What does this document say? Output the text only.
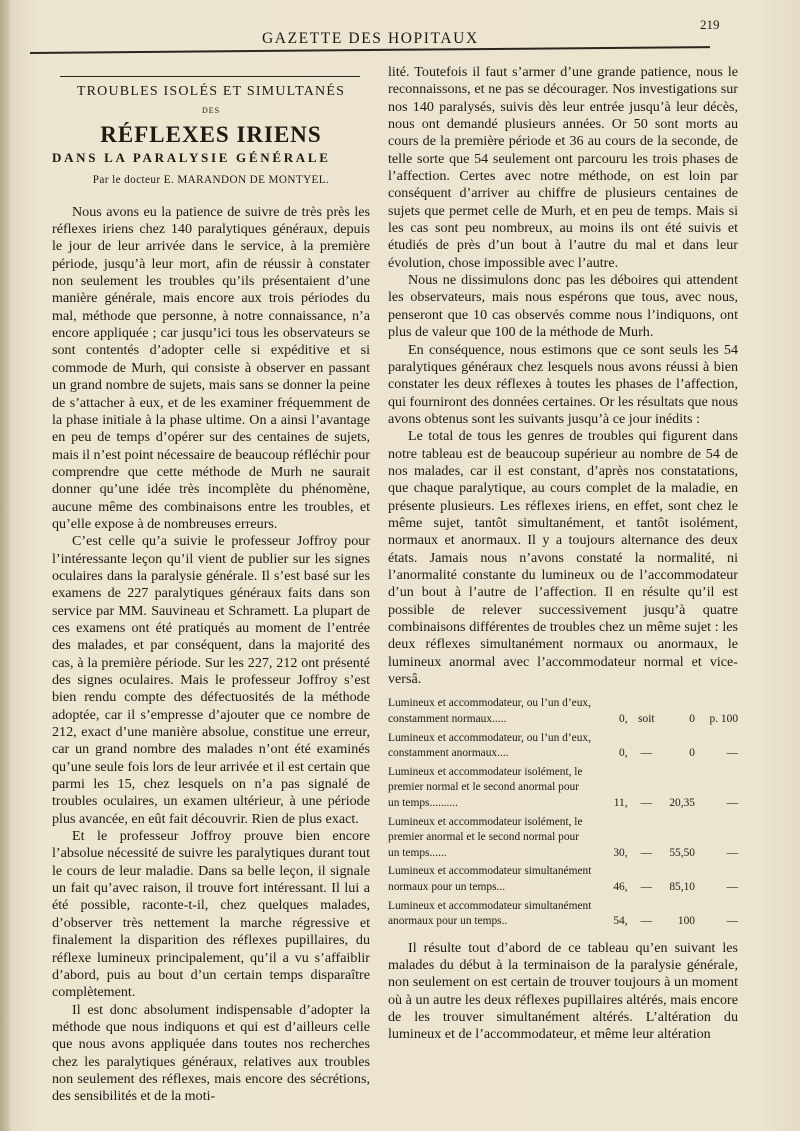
GAZETTE DES HOPITAUX
219
TROUBLES ISOLÉS ET SIMULTANÉS
DES
RÉFLEXES IRIENS
DANS LA PARALYSIE GÉNÉRALE
Par le docteur E. MARANDON DE MONTYEL.

Nous avons eu la patience de suivre de très près les réflexes iriens chez 140 paralytiques généraux, depuis le jour de leur arrivée dans le service, à la première période, jusqu’à leur mort, afin de réussir à constater non seulement les troubles qu’ils présentaient d’une manière générale, mais encore aux trois périodes du mal, méthode que personne, à notre connaissance, n’a encore appliquée ; car jusqu’ici tous les observateurs se sont contentés d’adopter celle si expéditive et si commode de Murh, qui consiste à observer en passant un grand nombre de sujets, mais sans se donner la peine de s’attacher à eux, et de les examiner fréquemment de la phase initiale à la phase ultime. On a ainsi l’avantage en peu de temps d’opérer sur des centaines de sujets, mais il n’est point nécessaire de beaucoup réfléchir pour comprendre que cette méthode de Murh ne saurait donner qu’une idée très incomplète du phénomène, aucune même des combinaisons entre les troubles, et qu’elle expose à de nombreuses erreurs.

C’est celle qu’a suivie le professeur Joffroy pour l’intéressante leçon qu’il vient de publier sur les signes oculaires dans la paralysie générale. Il s’est basé sur les examens de 227 paralytiques généraux faits dans son service par MM. Sauvineau et Schramett. La plupart de ces examens ont été pratiqués au moment de l’entrée des malades, et par conséquent, dans la majorité des cas, à la première période. Sur les 227, 212 ont présenté des signes oculaires. Mais le professeur Joffroy s’est bien rendu compte des défectuosités de la méthode adoptée, car il s’empresse d’ajouter que ce nombre de 212, exact d’une manière absolue, constitue une erreur, car un grand nombre des malades n’ont été examinés qu’une seule fois lors de leur arrivée et il est certain que parmi les 15, chez lesquels on n’a pas signalé de troubles oculaires, un examen ultérieur, à une période plus avancée, en eût fait découvrir. Rien de plus exact.

Et le professeur Joffroy prouve bien encore l’absolue nécessité de suivre les paralytiques durant tout le cours de leur maladie. Dans sa belle leçon, il signale un fait qu’avec raison, il trouve fort intéressant. Il lui a été possible, raconte-t-il, chez quelques malades, d’observer très nettement la marche régressive et finalement la disparition des réflexes pupillaires, du réflexe lumineux principalement, qu’il a vu s’affaiblir d’abord, puis au bout d’un certain temps disparaître complètement.

Il est donc absolument indispensable d’adopter la méthode que nous indiquons et qui est d’ailleurs celle que nous avons appliquée dans toutes nos recherches chez les paralytiques généraux, relatives aux troubles non seulement des réflexes, mais encore des sécrétions, des sensibilités et de la moti-

lité. Toutefois il faut s’armer d’une grande patience, nous le reconnaissons, et ne pas se décourager. Nos investigations sur nos 140 paralysés, suivis dès leur entrée jusqu’à leur décès, nous ont demandé plusieurs années. Or 50 sont morts au cours de la première période et 36 au cours de la seconde, de telle sorte que 54 seulement ont parcouru les trois phases de l’affection. Certes avec notre méthode, on est loin par conséquent d’arriver au chiffre de plusieurs centaines de sujets que permet celle de Murh, et en peu de temps. Mais si les cas sont peu nombreux, au moins ils ont été suivis et étudiés de près d’un bout à l’autre du mal et dans leur évolution, chose impossible avec l’autre.

Nous ne dissimulons donc pas les déboires qui attendent les observateurs, mais nous espérons que tous, avec nous, penseront que 10 cas observés comme nous l’indiquons, ont plus de valeur que 100 de la méthode de Murh.

En conséquence, nous estimons que ce sont seuls les 54 paralytiques généraux chez lesquels nous avons réussi à bien constater les deux réflexes à toutes les phases de l’affection, qui fourniront des données certaines. Or les résultats que nous avons obtenus sont les suivants jusqu’à ce jour inédits :

Le total de tous les genres de troubles qui figurent dans notre tableau est de beaucoup supérieur au nombre de 54 de nos malades, car il est constant, d’après nos constatations, que chaque paralytique, au cours complet de la maladie, en présente plusieurs. Les réflexes iriens, en effet, sont chez le même sujet, tantôt simultanément, et tantôt isolément, normaux et anormaux. Il y a toujours alternance des deux états. Jamais nous n’avons constaté la normalité, ni l’anormalité constante du lumineux ou de l’accommodateur d’un bout à l’autre de l’affection. Il en résulte qu’il est possible de relever successivement jusqu’à quatre combinaisons différentes de troubles chez un même sujet : les deux réflexes simultanément normaux ou anormaux, le lumineux anormal avec l’accommodateur normal et vice-versâ.

Lumineux et accommodateur, ou l’un d’eux, constamment normaux.....	0, soit	0	p. 100
Lumineux et accommodateur, ou l’un d’eux, constamment anormaux....	0,	—	0	—
Lumineux et accommodateur isolément, le premier normal et le second anormal pour un temps..........	11,	—	20,35	—
Lumineux et accommodateur isolément, le premier anormal et le second normal pour un temps......	30,	—	55,50	—
Lumineux et accommodateur simultanément normaux pour un temps...	46,	—	85,10	—
Lumineux et accommodateur simultanément anormaux pour un temps..	54,	—	100	—

Il résulte tout d’abord de ce tableau qu’en suivant les malades du début à la terminaison de la paralysie générale, non seulement on est certain de trouver toujours à un moment où à un autre les deux réflexes pupillaires altérés, mais encore de les trouver simultanément altérés. L’altération du lumineux et de l’accommodateur, et même leur altération
